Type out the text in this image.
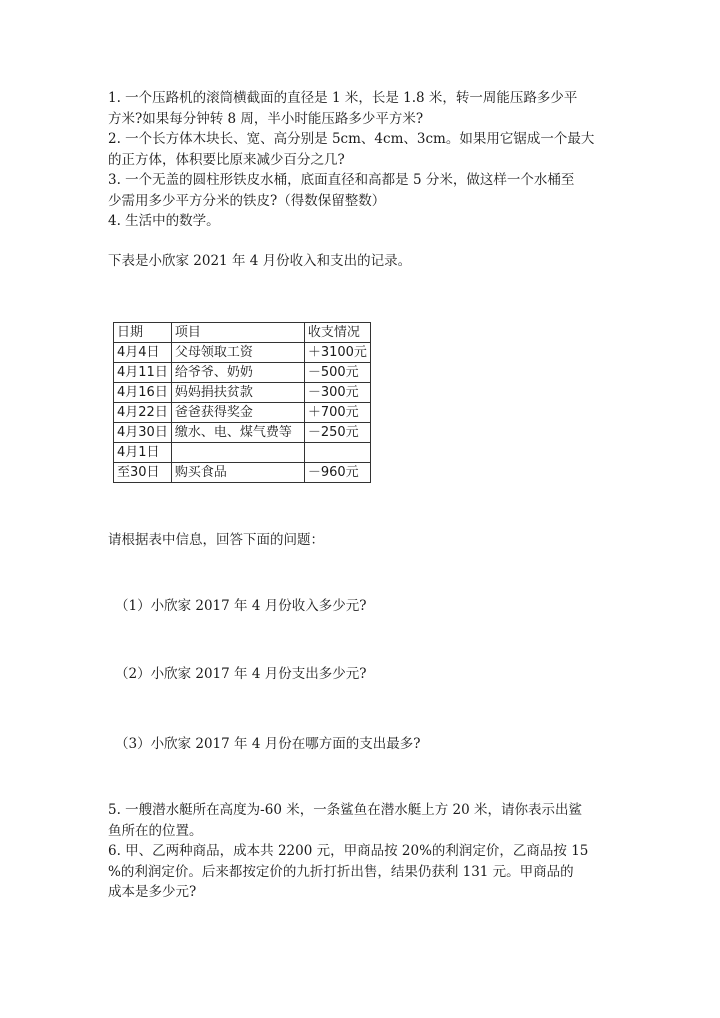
1. 一个压路机的滚筒横截面的直径是 1 米，长是 1.8 米，转一周能压路多少平
方米?如果每分钟转 8 周，半小时能压路多少平方米?
2. 一个长方体木块长、宽、高分别是 5cm、4cm、3cm。如果用它锯成一个最大
的正方体，体积要比原来减少百分之几?
3. 一个无盖的圆柱形铁皮水桶，底面直径和高都是 5 分米，做这样一个水桶至
少需用多少平方分米的铁皮?（得数保留整数）
4. 生活中的数学。

下表是小欣家 2021 年 4 月份收入和支出的记录。

日期	项目	收支情况
4月4日	父母领取工资	＋3100元
4月11日	给爷爷、奶奶	－500元
4月16日	妈妈捐扶贫款	－300元
4月22日	爸爸获得奖金	＋700元
4月30日	缴水、电、煤气费等	－250元
4月1日		
至30日	购买食品	－960元

请根据表中信息，回答下面的问题：

（1）小欣家 2017 年 4 月份收入多少元?

（2）小欣家 2017 年 4 月份支出多少元?

（3）小欣家 2017 年 4 月份在哪方面的支出最多?

5. 一艘潜水艇所在高度为-60 米，一条鲨鱼在潜水艇上方 20 米，请你表示出鲨
鱼所在的位置。
6. 甲、乙两种商品，成本共 2200 元，甲商品按 20%的利润定价，乙商品按 15
%的利润定价。后来都按定价的九折打折出售，结果仍获利 131 元。甲商品的
成本是多少元?
